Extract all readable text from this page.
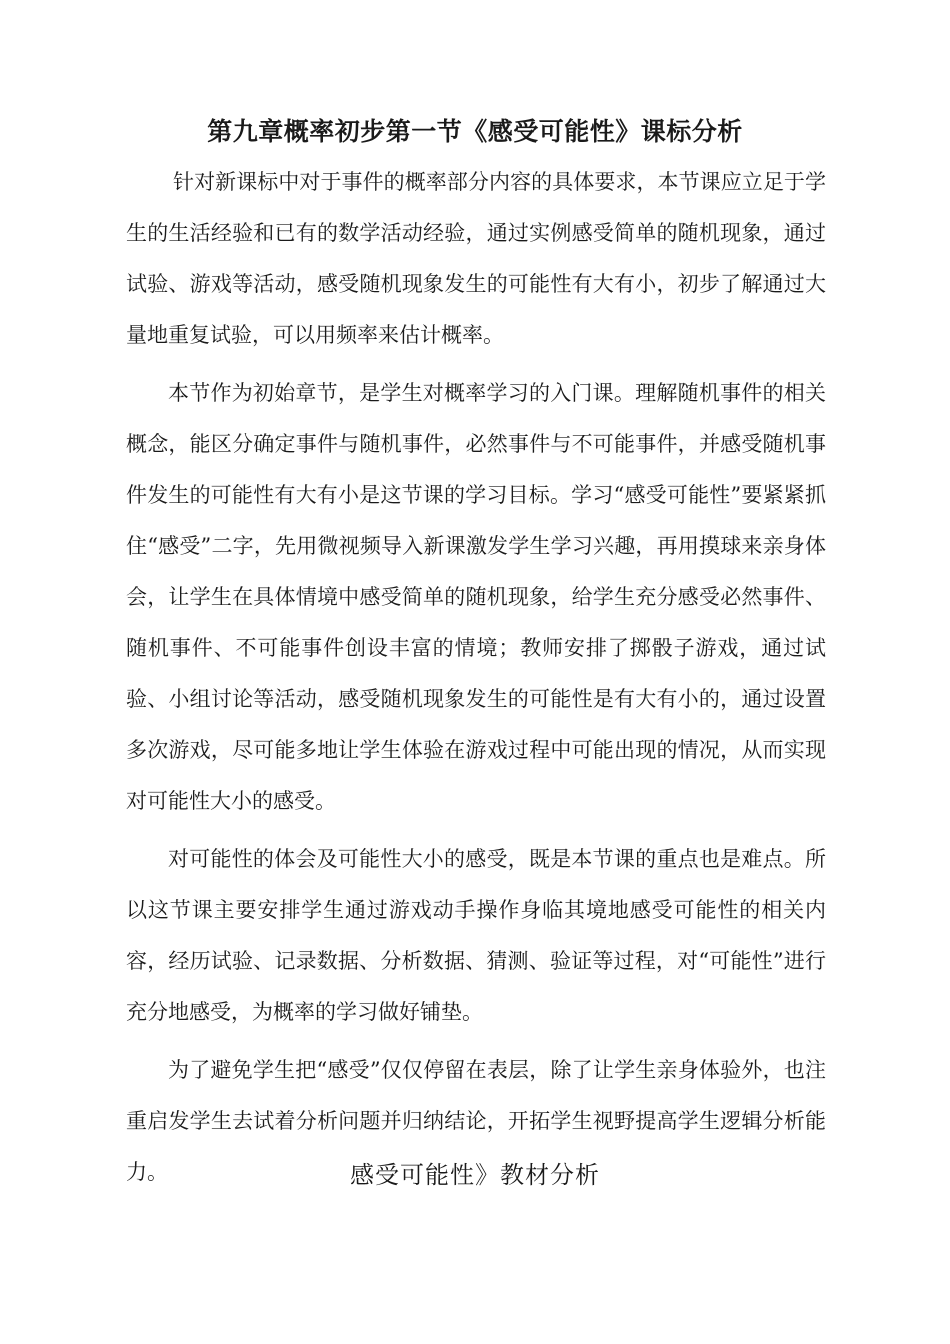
第九章概率初步第一节《感受可能性》课标分析

针对新课标中对于事件的概率部分内容的具体要求，本节课应立足于学生的生活经验和已有的数学活动经验，通过实例感受简单的随机现象，通过试验、游戏等活动，感受随机现象发生的可能性有大有小，初步了解通过大量地重复试验，可以用频率来估计概率。

本节作为初始章节，是学生对概率学习的入门课。理解随机事件的相关概念，能区分确定事件与随机事件，必然事件与不可能事件，并感受随机事件发生的可能性有大有小是这节课的学习目标。学习“感受可能性”要紧紧抓住“感受”二字，先用微视频导入新课激发学生学习兴趣，再用摸球来亲身体会，让学生在具体情境中感受简单的随机现象，给学生充分感受必然事件、随机事件、不可能事件创设丰富的情境；教师安排了掷骰子游戏，通过试验、小组讨论等活动，感受随机现象发生的可能性是有大有小的，通过设置多次游戏，尽可能多地让学生体验在游戏过程中可能出现的情况，从而实现对可能性大小的感受。

对可能性的体会及可能性大小的感受，既是本节课的重点也是难点。所以这节课主要安排学生通过游戏动手操作身临其境地感受可能性的相关内容，经历试验、记录数据、分析数据、猜测、验证等过程，对“可能性”进行充分地感受，为概率的学习做好铺垫。

为了避免学生把“感受”仅仅停留在表层，除了让学生亲身体验外，也注重启发学生去试着分析问题并归纳结论，开拓学生视野提高学生逻辑分析能力。	感受可能性》教材分析
